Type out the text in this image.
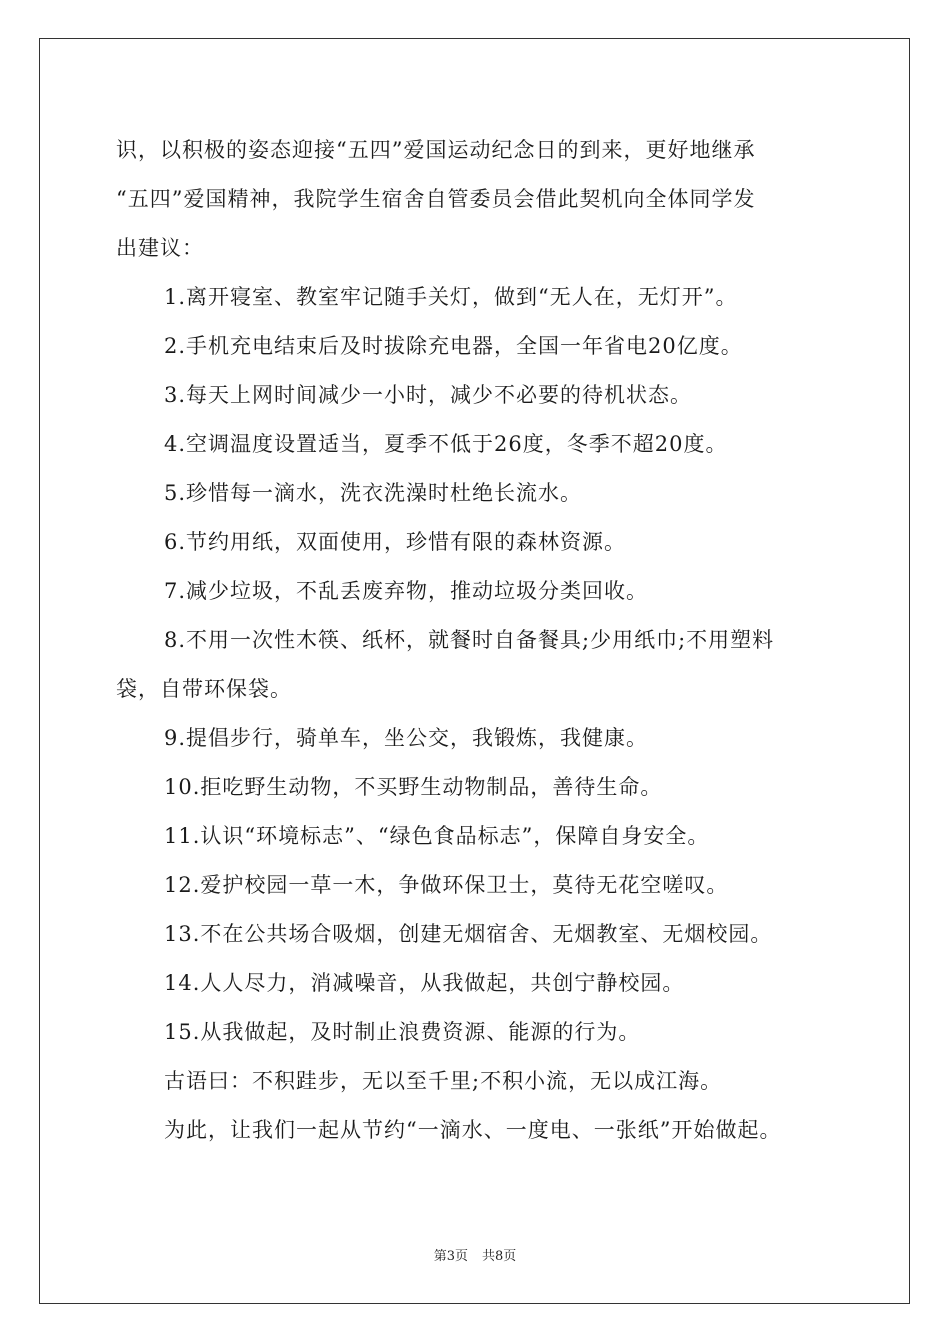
识，以积极的姿态迎接“五四”爱国运动纪念日的到来，更好地继承
“五四”爱国精神，我院学生宿舍自管委员会借此契机向全体同学发
出建议：
1.离开寝室、教室牢记随手关灯，做到“无人在，无灯开”。
2.手机充电结束后及时拔除充电器，全国一年省电20亿度。
3.每天上网时间减少一小时，减少不必要的待机状态。
4.空调温度设置适当，夏季不低于26度，冬季不超20度。
5.珍惜每一滴水，洗衣洗澡时杜绝长流水。
6.节约用纸，双面使用，珍惜有限的森林资源。
7.减少垃圾，不乱丢废弃物，推动垃圾分类回收。
8.不用一次性木筷、纸杯，就餐时自备餐具;少用纸巾;不用塑料
袋，自带环保袋。
9.提倡步行，骑单车，坐公交，我锻炼，我健康。
10.拒吃野生动物，不买野生动物制品，善待生命。
11.认识“环境标志”、“绿色食品标志”，保障自身安全。
12.爱护校园一草一木，争做环保卫士，莫待无花空嗟叹。
13.不在公共场合吸烟，创建无烟宿舍、无烟教室、无烟校园。
14.人人尽力，消减噪音，从我做起，共创宁静校园。
15.从我做起，及时制止浪费资源、能源的行为。
古语曰：不积跬步，无以至千里;不积小流，无以成江海。
为此，让我们一起从节约“一滴水、一度电、一张纸”开始做起。
第3页 共8页
